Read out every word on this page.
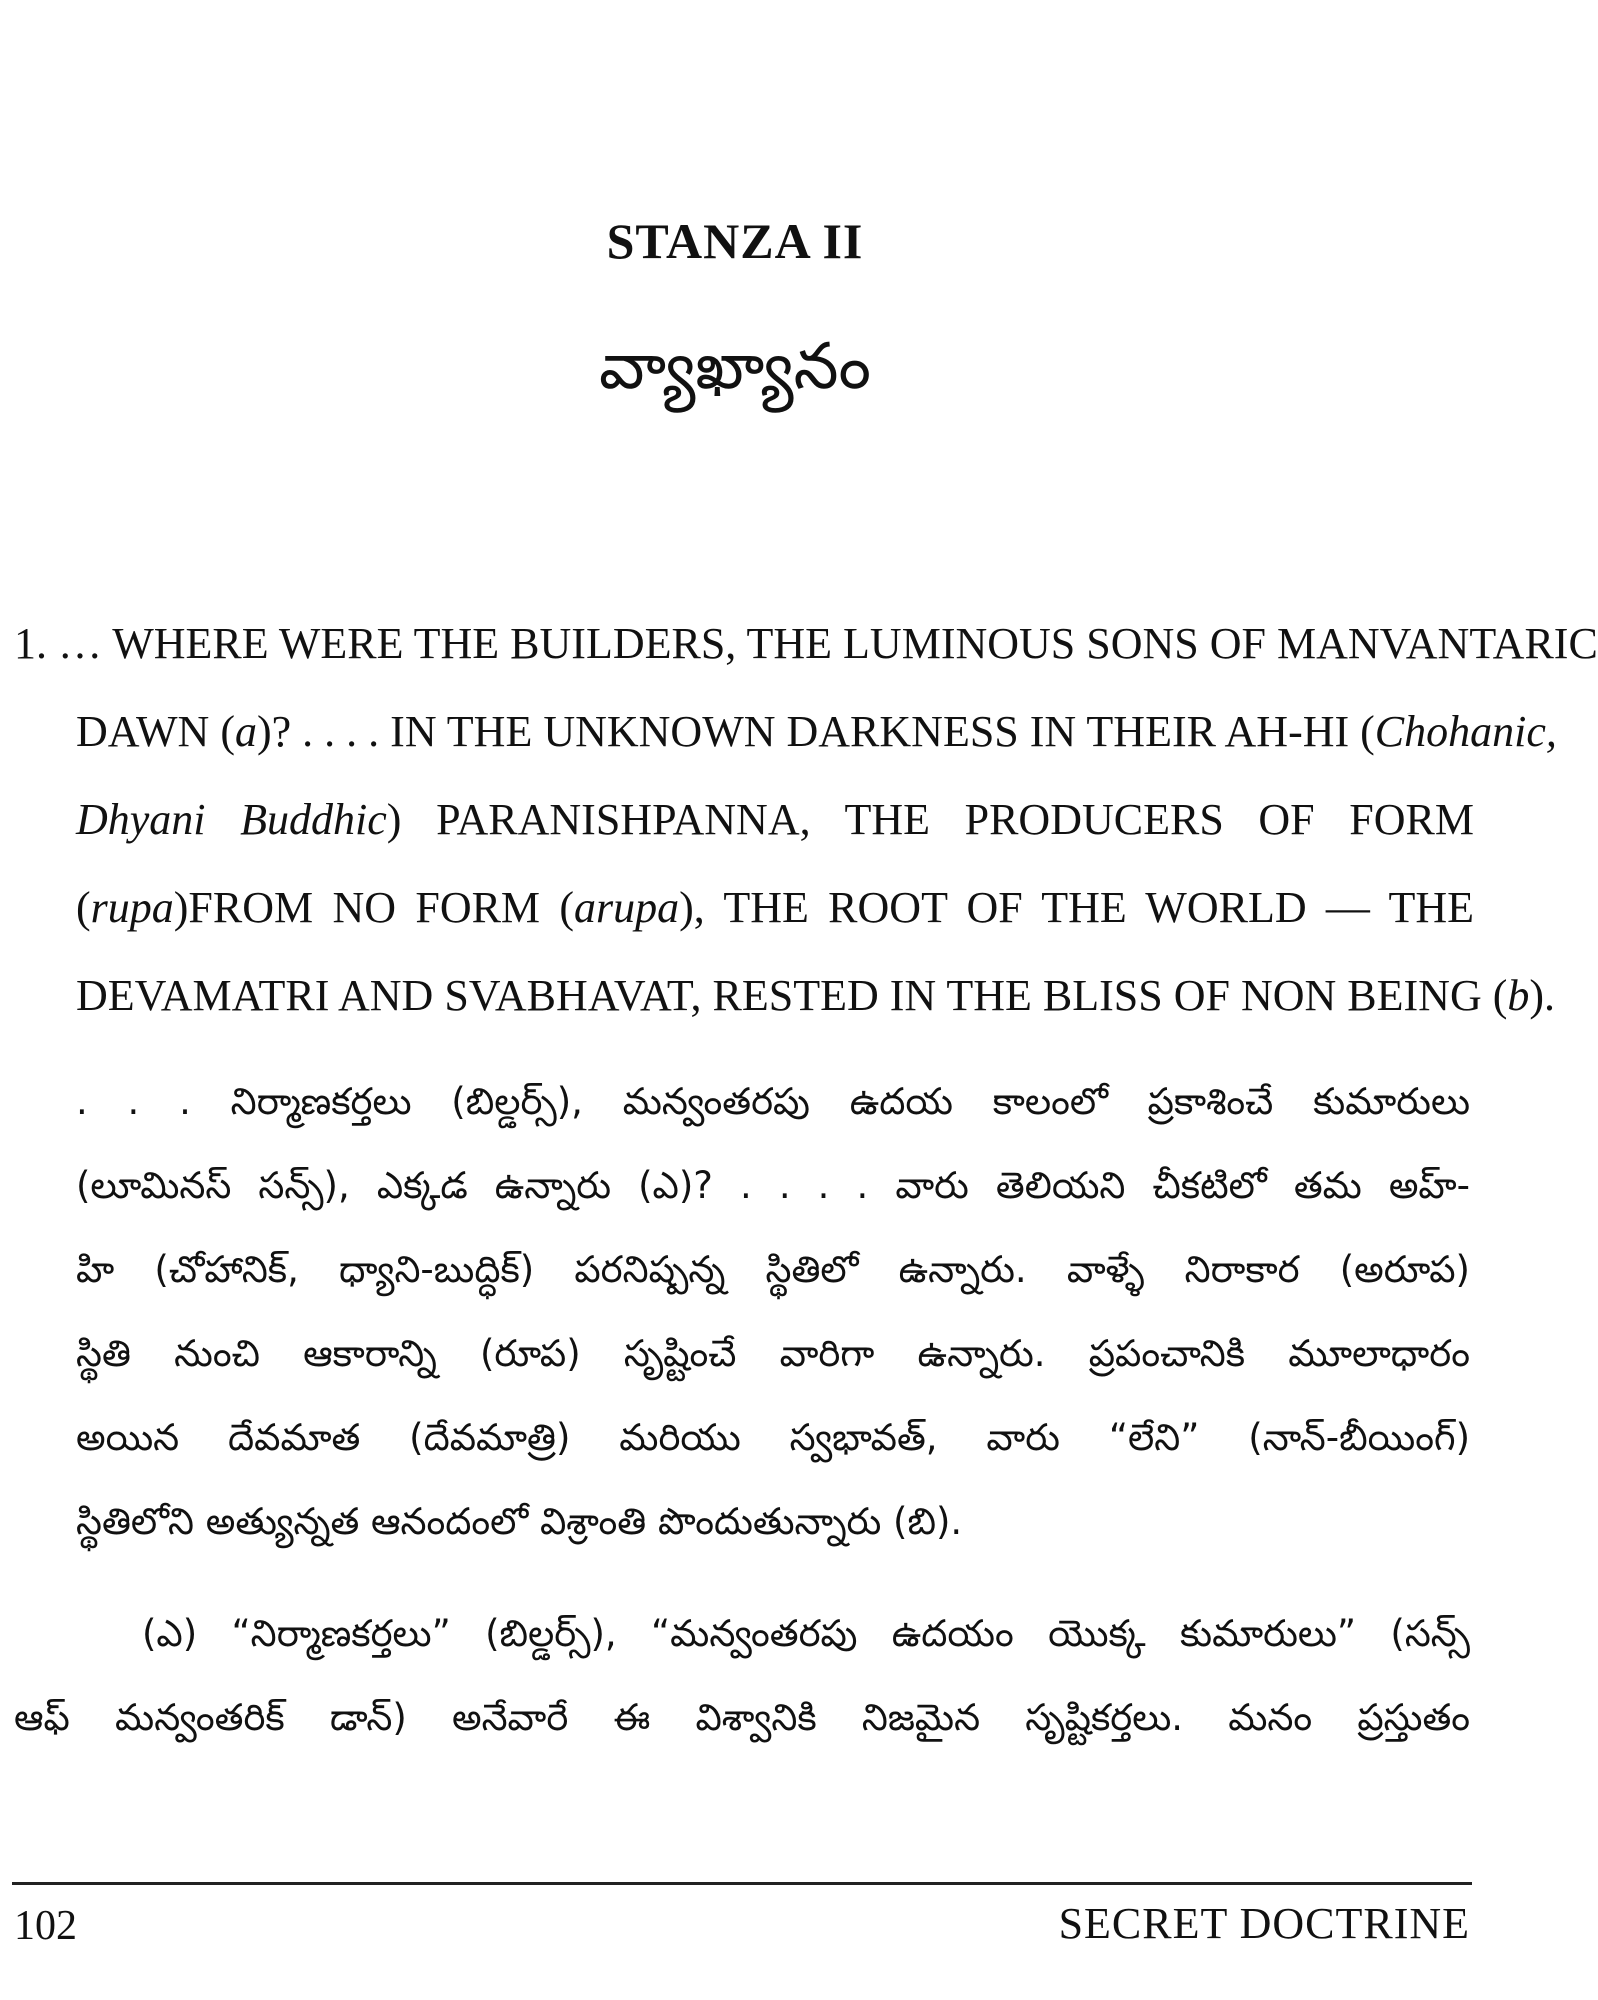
STANZA II
వ్యాఖ్యానం
1. … WHERE WERE THE BUILDERS, THE LUMINOUS SONS OF MANVANTARIC
DAWN (a)? . . . . IN THE UNKNOWN DARKNESS IN THEIR AH-HI (Chohanic,
Dhyani Buddhic) PARANISHPANNA, THE PRODUCERS OF FORM
(rupa)FROM NO FORM (arupa), THE ROOT OF THE WORLD — THE
DEVAMATRI AND SVABHAVAT, RESTED IN THE BLISS OF NON BEING (b).
. . . నిర్మాణకర్తలు (బిల్డర్స్), మన్వంతరపు ఉదయ కాలంలో ప్రకాశించే కుమారులు
(లూమినస్ సన్స్), ఎక్కడ ఉన్నారు (ఎ)? . . . . వారు తెలియని చీకటిలో తమ అహ్-
హి (చోహానిక్, ధ్యాని-బుద్ధిక్) పరనిష్పన్న స్థితిలో ఉన్నారు. వాళ్ళే నిరాకార (అరూప)
స్థితి నుంచి ఆకారాన్ని (రూప) సృష్టించే వారిగా ఉన్నారు. ప్రపంచానికి మూలాధారం
అయిన దేవమాత (దేవమాత్రి) మరియు స్వభావత్, వారు “లేని” (నాన్-బీయింగ్)
స్థితిలోని అత్యున్నత ఆనందంలో విశ్రాంతి పొందుతున్నారు (బి).
(ఎ) “నిర్మాణకర్తలు” (బిల్డర్స్), “మన్వంతరపు ఉదయం యొక్క కుమారులు” (సన్స్
ఆఫ్ మన్వంతరిక్ డాన్) అనేవారే ఈ విశ్వానికి నిజమైన సృష్టికర్తలు. మనం ప్రస్తుతం
102	SECRET DOCTRINE
